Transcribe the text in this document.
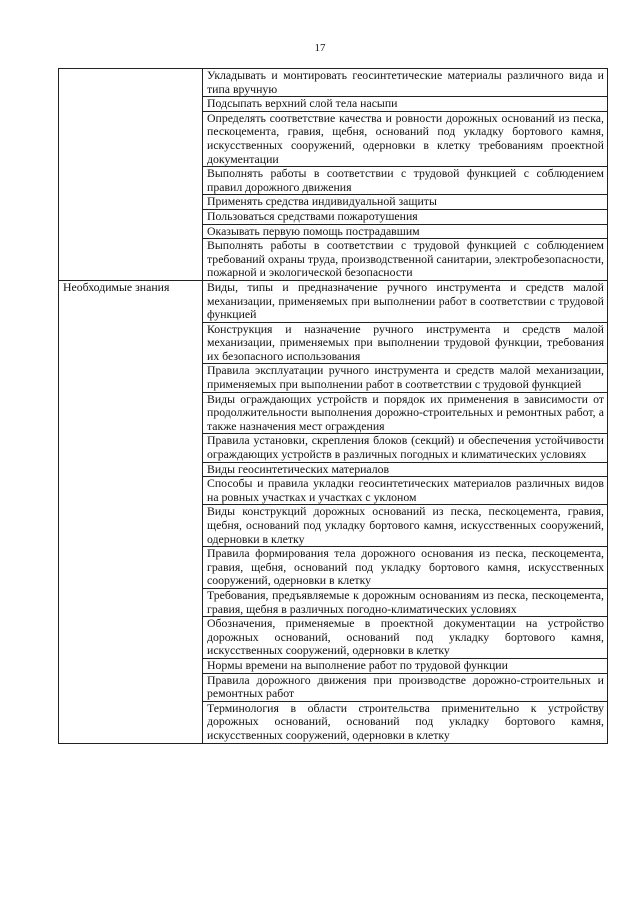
17
	Укладывать и монтировать геосинтетические материалы различного вида и типа вручную
	Подсыпать верхний слой тела насыпи
	Определять соответствие качества и ровности дорожных оснований из песка, пескоцемента, гравия, щебня, оснований под укладку бортового камня, искусственных сооружений, одерновки в клетку требованиям проектной документации
	Выполнять работы в соответствии с трудовой функцией с соблюдением правил дорожного движения
	Применять средства индивидуальной защиты
	Пользоваться средствами пожаротушения
	Оказывать первую помощь пострадавшим
	Выполнять работы в соответствии с трудовой функцией с соблюдением требований охраны труда, производственной санитарии, электробезопасности, пожарной и экологической безопасности
Необходимые знания	Виды, типы и предназначение ручного инструмента и средств малой механизации, применяемых при выполнении работ в соответствии с трудовой функцией
	Конструкция и назначение ручного инструмента и средств малой механизации, применяемых при выполнении трудовой функции, требования их безопасного использования
	Правила эксплуатации ручного инструмента и средств малой механизации, применяемых при выполнении работ в соответствии с трудовой функцией
	Виды ограждающих устройств и порядок их применения в зависимости от продолжительности выполнения дорожно-строительных и ремонтных работ, а также назначения мест ограждения
	Правила установки, скрепления блоков (секций) и обеспечения устойчивости ограждающих устройств в различных погодных и климатических условиях
	Виды геосинтетических материалов
	Способы и правила укладки геосинтетических материалов различных видов на ровных участках и участках с уклоном
	Виды конструкций дорожных оснований из песка, пескоцемента, гравия, щебня, оснований под укладку бортового камня, искусственных сооружений, одерновки в клетку
	Правила формирования тела дорожного основания из песка, пескоцемента, гравия, щебня, оснований под укладку бортового камня, искусственных сооружений, одерновки в клетку
	Требования, предъявляемые к дорожным основаниям из песка, пескоцемента, гравия, щебня в различных погодно-климатических условиях
	Обозначения, применяемые в проектной документации на устройство дорожных оснований, оснований под укладку бортового камня, искусственных сооружений, одерновки в клетку
	Нормы времени на выполнение работ по трудовой функции
	Правила дорожного движения при производстве дорожно-строительных и ремонтных работ
	Терминология в области строительства применительно к устройству дорожных оснований, оснований под укладку бортового камня, искусственных сооружений, одерновки в клетку
